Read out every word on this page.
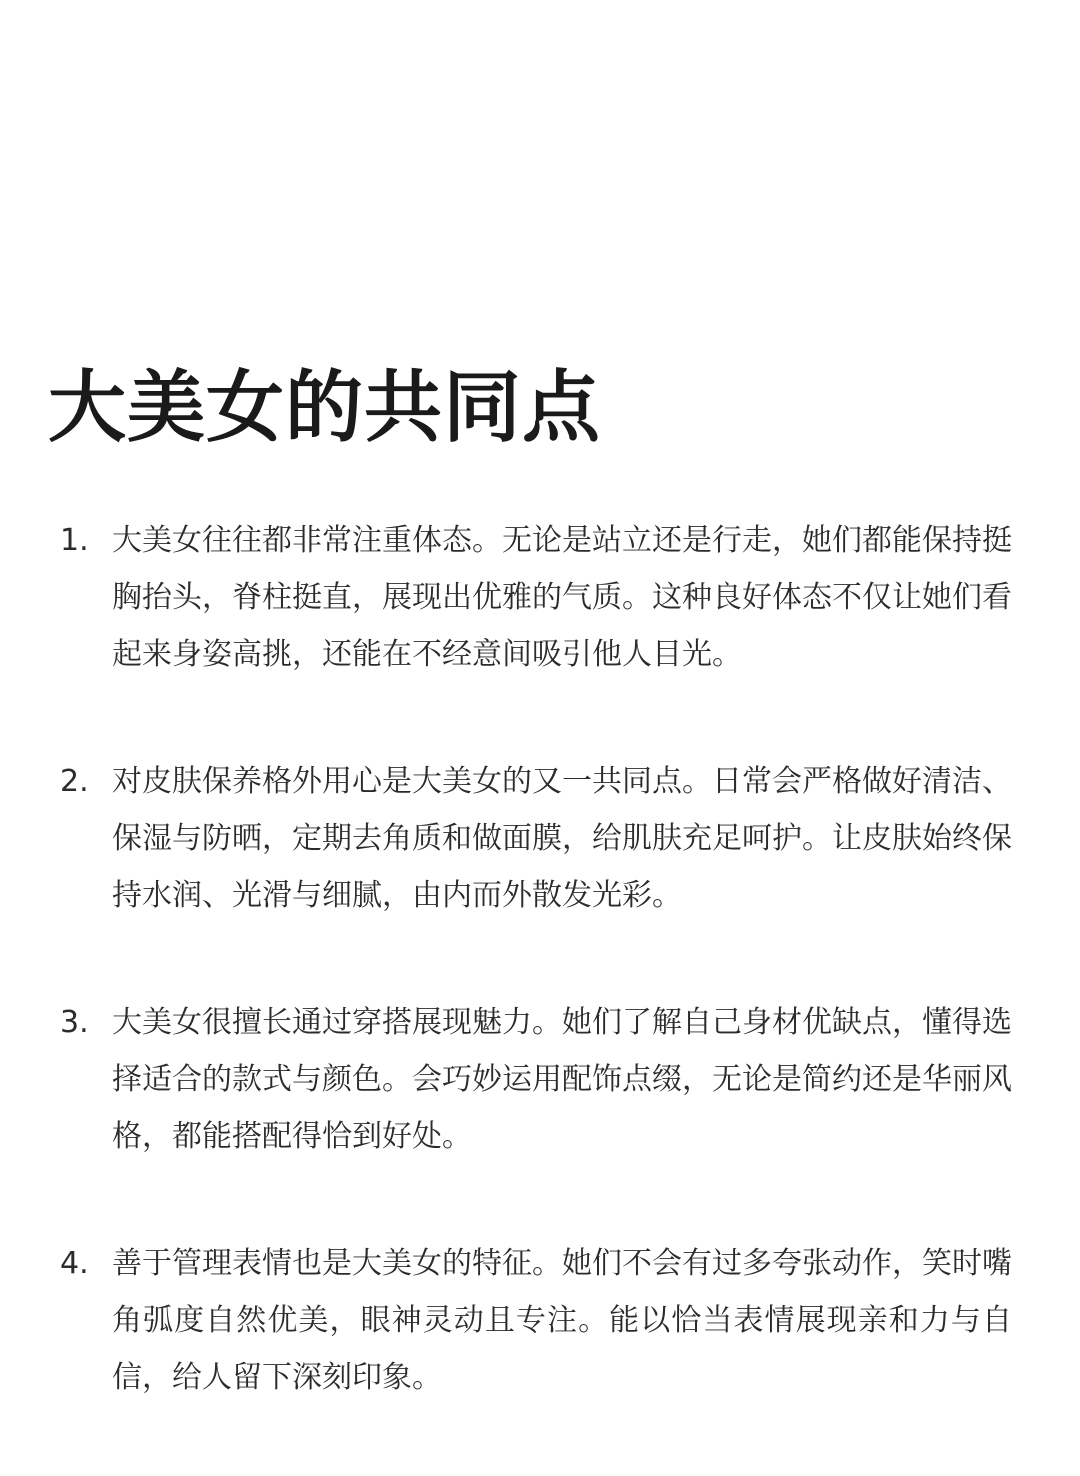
大美女的共同点
1. 大美女往往都非常注重体态。无论是站立还是行走，她们都能保持挺胸抬头，脊柱挺直，展现出优雅的气质。这种良好体态不仅让她们看起来身姿高挑，还能在不经意间吸引他人目光。

2. 对皮肤保养格外用心是大美女的又一共同点。日常会严格做好清洁、保湿与防晒，定期去角质和做面膜，给肌肤充足呵护。让皮肤始终保持水润、光滑与细腻，由内而外散发光彩。

3. 大美女很擅长通过穿搭展现魅力。她们了解自己身材优缺点，懂得选择适合的款式与颜色。会巧妙运用配饰点缀，无论是简约还是华丽风格，都能搭配得恰到好处。

4. 善于管理表情也是大美女的特征。她们不会有过多夸张动作，笑时嘴角弧度自然优美，眼神灵动且专注。能以恰当表情展现亲和力与自信，给人留下深刻印象。
